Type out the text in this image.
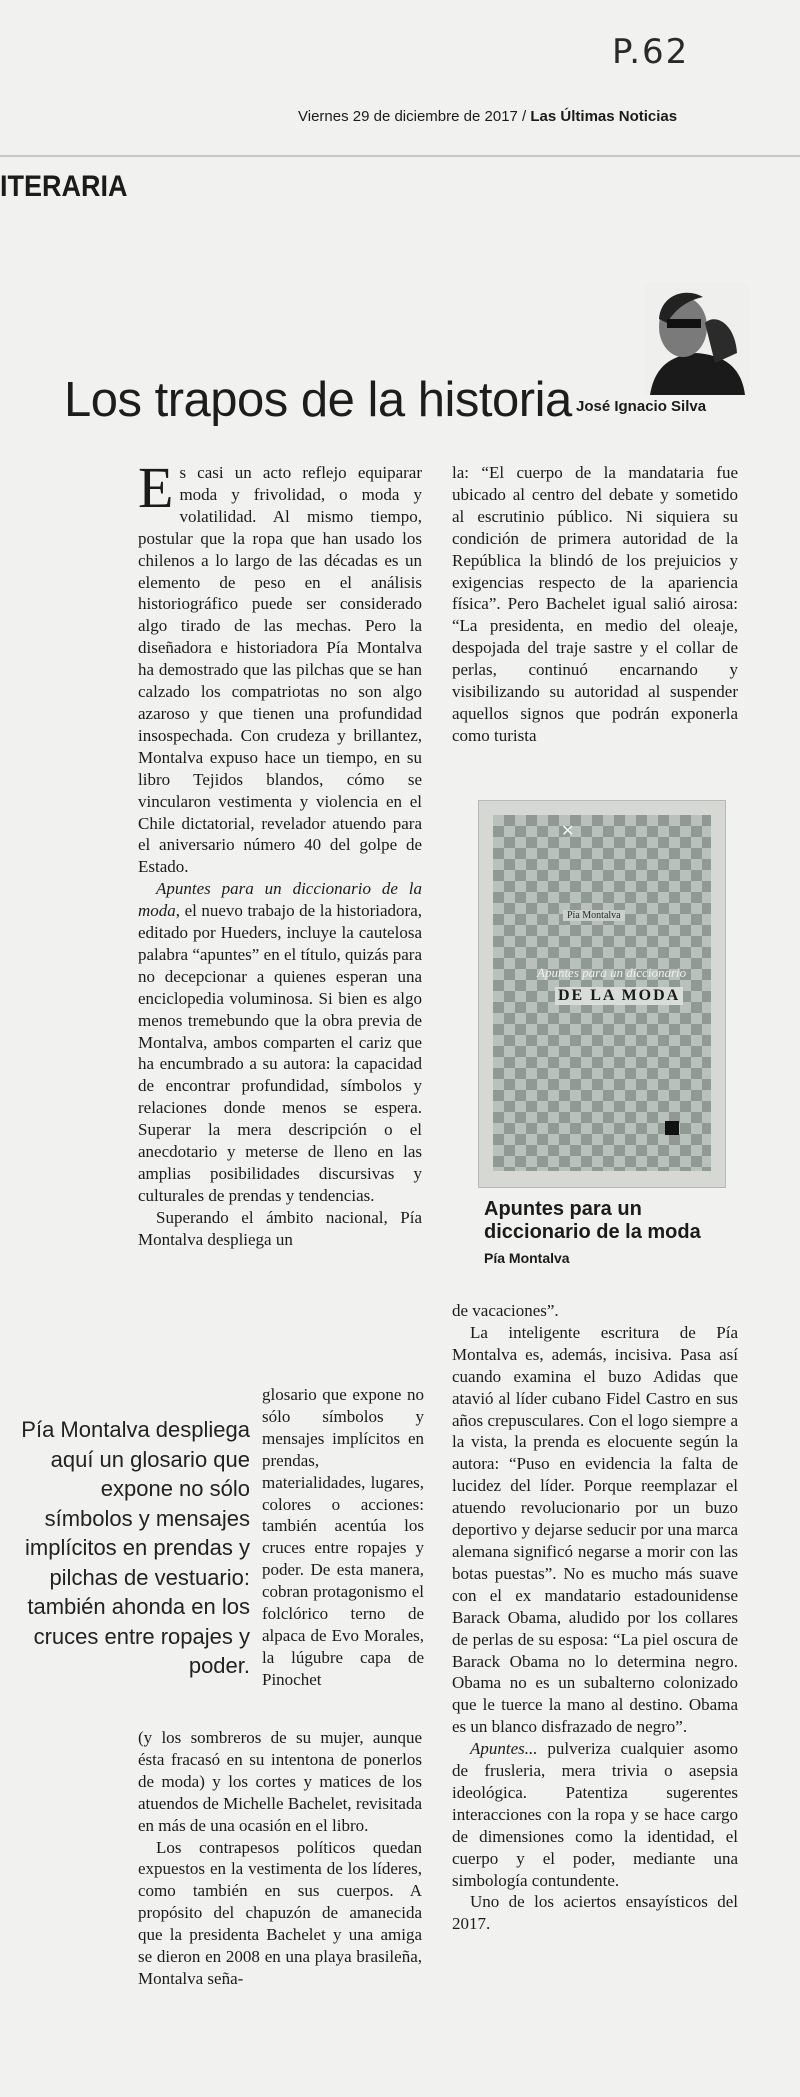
P.62
Viernes 29 de diciembre de 2017 / Las Últimas Noticias
ITERARIA
Los trapos de la historia José Ignacio Silva

Es casi un acto reflejo equiparar moda y frivolidad, o moda y volatilidad. Al mismo tiempo, postular que la ropa que han usado los chilenos a lo largo de las décadas es un elemento de peso en el análisis historiográfico puede ser considerado algo tirado de las mechas. Pero la diseñadora e historiadora Pía Montalva ha demostrado que las pilchas que se han calzado los compatriotas no son algo azaroso y que tienen una profundidad insospechada. Con crudeza y brillantez, Montalva expuso hace un tiempo, en su libro Tejidos blandos, cómo se vincularon vestimenta y violencia en el Chile dictatorial, revelador atuendo para el aniversario número 40 del golpe de Estado.

Apuntes para un diccionario de la moda, el nuevo trabajo de la historiadora, editado por Hueders, incluye la cautelosa palabra “apuntes” en el título, quizás para no decepcionar a quienes esperan una enciclopedia voluminosa. Si bien es algo menos tremebundo que la obra previa de Montalva, ambos comparten el cariz que ha encumbrado a su autora: la capacidad de encontrar profundidad, símbolos y relaciones donde menos se espera. Superar la mera descripción o el anecdotario y meterse de lleno en las amplias posibilidades discursivas y culturales de prendas y tendencias.

Superando el ámbito nacional, Pía Montalva despliega un

Pía Montalva despliega aquí un glosario que expone no sólo símbolos y mensajes implícitos en prendas y pilchas de vestuario: también ahonda en los cruces entre ropajes y poder.

glosario que expone no sólo símbolos y mensajes implícitos en prendas, materialidades, lugares, colores o acciones: también acentúa los cruces entre ropajes y poder. De esta manera, cobran protagonismo el folclórico terno de alpaca de Evo Morales, la lúgubre capa de Pinochet

(y los sombreros de su mujer, aunque ésta fracasó en su intentona de ponerlos de moda) y los cortes y matices de los atuendos de Michelle Bachelet, revisitada en más de una ocasión en el libro.

Los contrapesos políticos quedan expuestos en la vestimenta de los líderes, como también en sus cuerpos. A propósito del chapuzón de amanecida que la presidenta Bachelet y una amiga se dieron en 2008 en una playa brasileña, Montalva seña-

la: “El cuerpo de la mandataria fue ubicado al centro del debate y sometido al escrutinio público. Ni siquiera su condición de primera autoridad de la República la blindó de los prejuicios y exigencias respecto de la apariencia física”. Pero Bachelet igual salió airosa: “La presidenta, en medio del oleaje, despojada del traje sastre y el collar de perlas, continuó encarnando y visibilizando su autoridad al suspender aquellos signos que podrán exponerla como turista

✕
Pía Montalva
Apuntes para un diccionario
DE LA MODA
Apuntes para un diccionario de la moda
Pía Montalva

de vacaciones”.

La inteligente escritura de Pía Montalva es, además, incisiva. Pasa así cuando examina el buzo Adidas que atavió al líder cubano Fidel Castro en sus años crepusculares. Con el logo siempre a la vista, la prenda es elocuente según la autora: “Puso en evidencia la falta de lucidez del líder. Porque reemplazar el atuendo revolucionario por un buzo deportivo y dejarse seducir por una marca alemana significó negarse a morir con las botas puestas”. No es mucho más suave con el ex mandatario estadounidense Barack Obama, aludido por los collares de perlas de su esposa: “La piel oscura de Barack Obama no lo determina negro. Obama no es un subalterno colonizado que le tuerce la mano al destino. Obama es un blanco disfrazado de negro”.

Apuntes... pulveriza cualquier asomo de frusleria, mera trivia o asepsia ideológica. Patentiza sugerentes interacciones con la ropa y se hace cargo de dimensiones como la identidad, el cuerpo y el poder, mediante una simbología contundente.

Uno de los aciertos ensayísticos del 2017.
